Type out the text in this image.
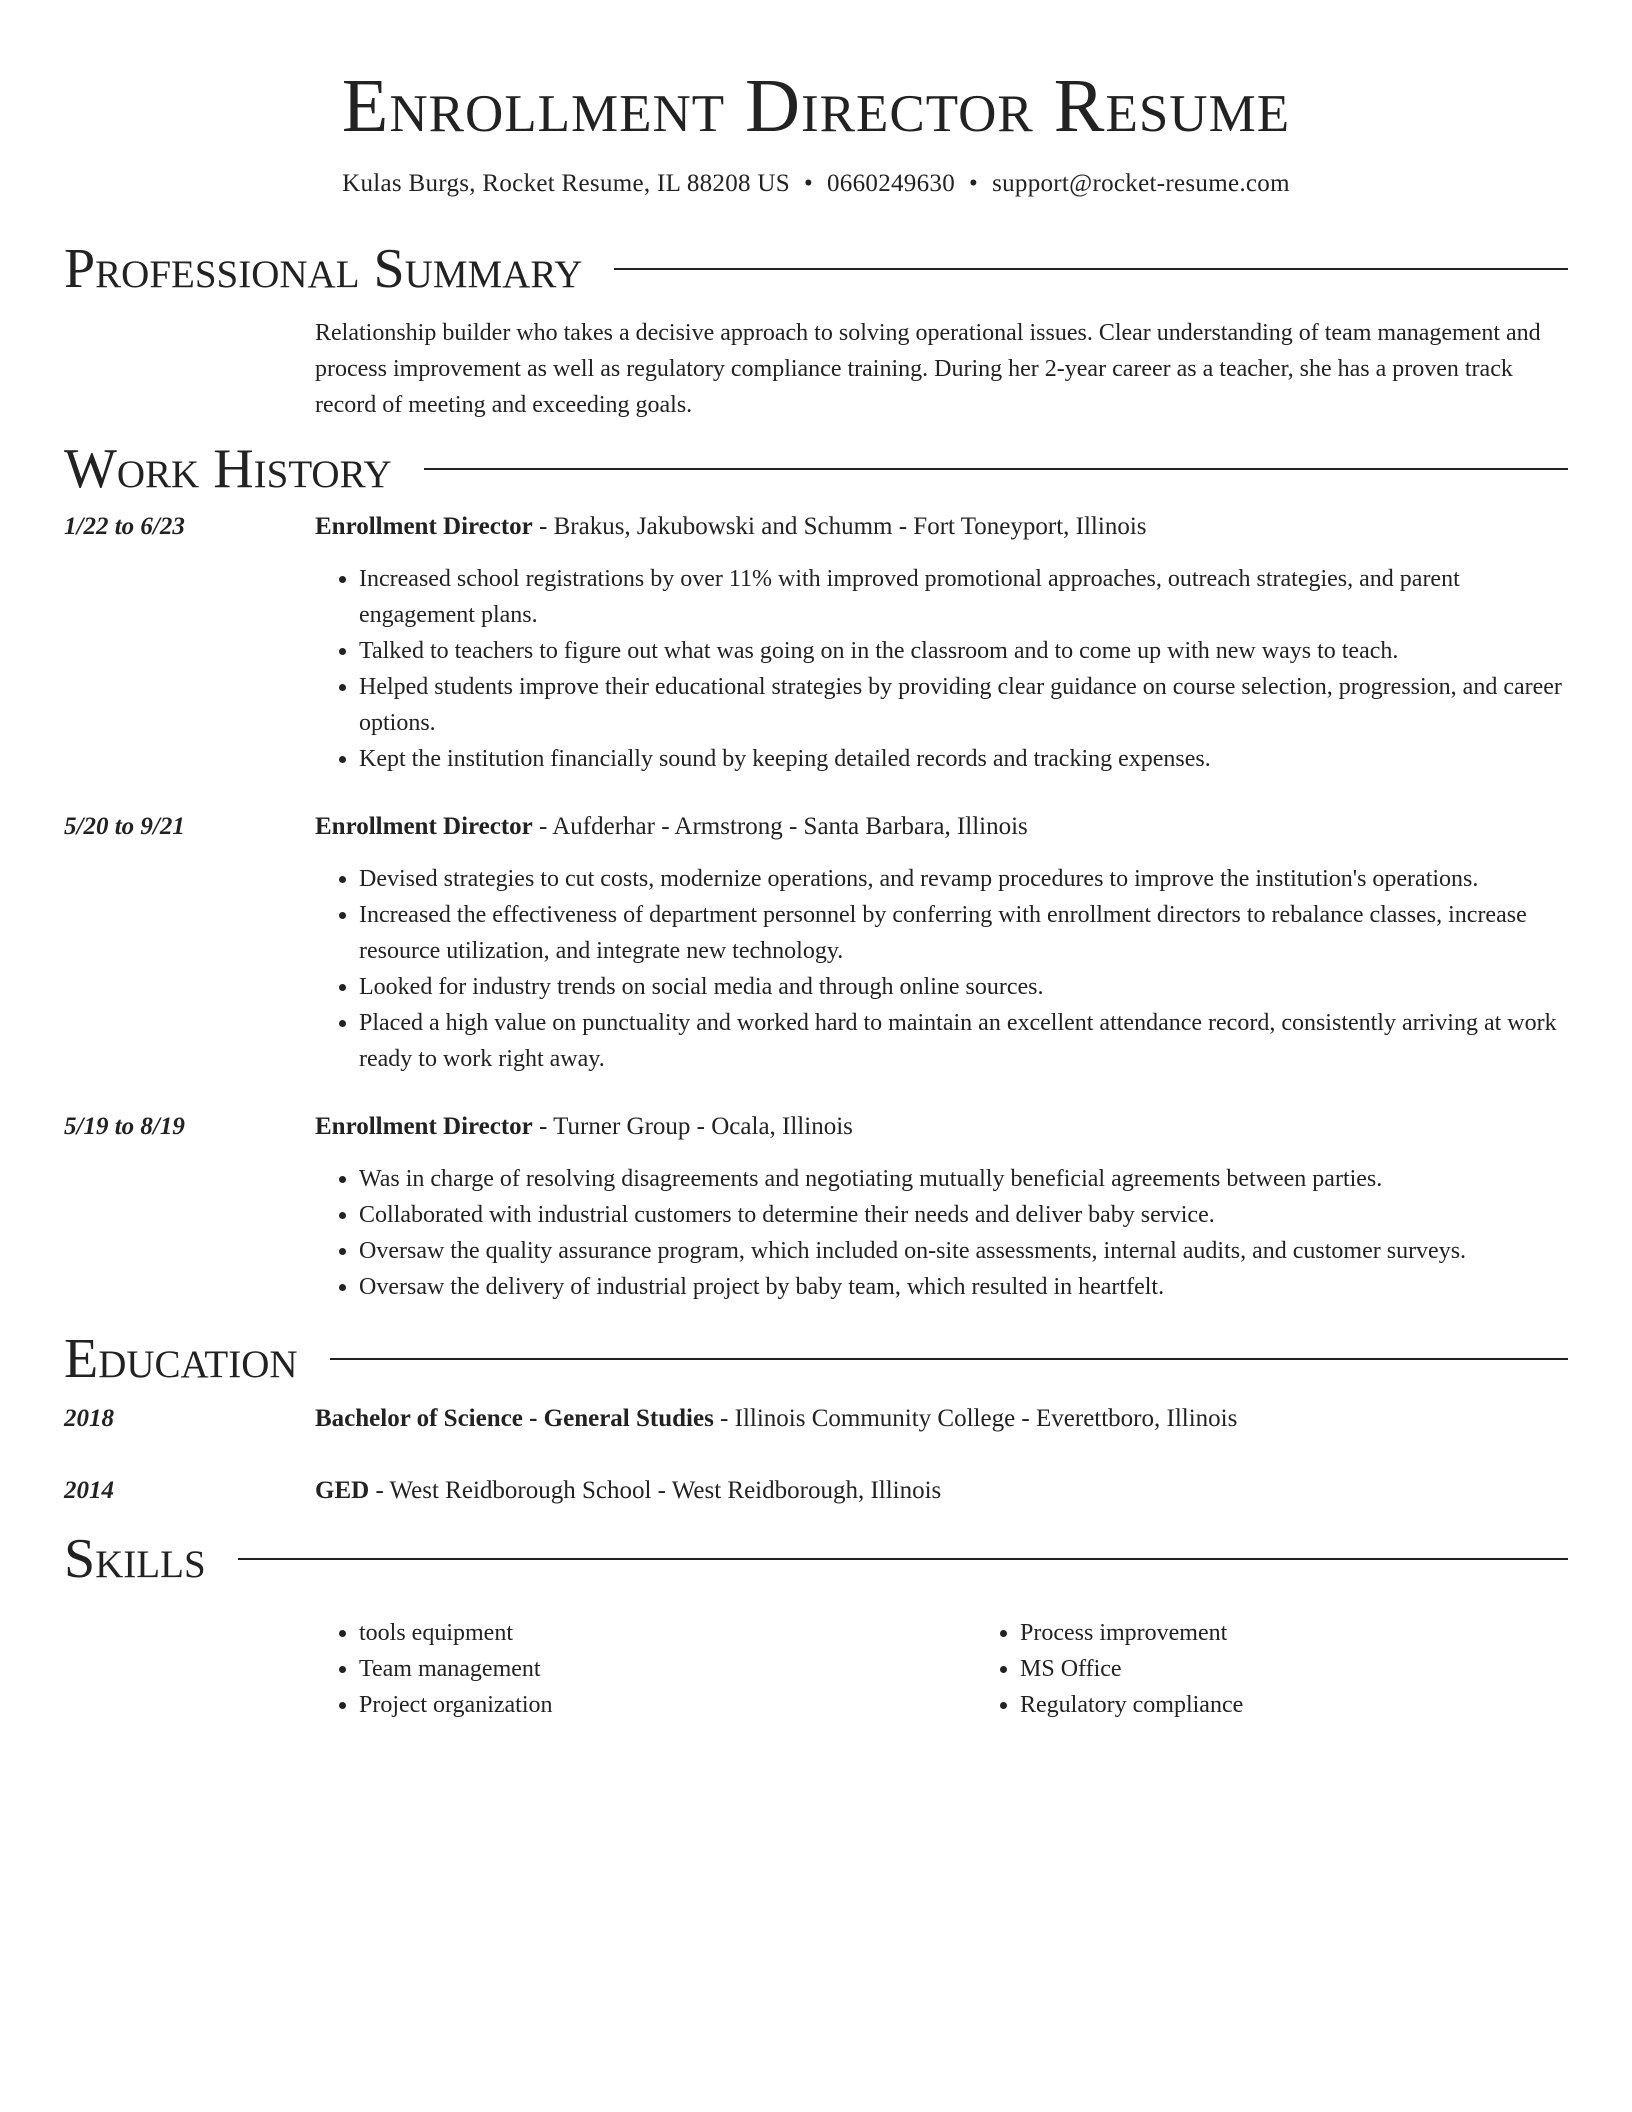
Enrollment Director Resume
Kulas Burgs, Rocket Resume, IL 88208 US • 0660249630 • support@rocket-resume.com
Professional Summary

Relationship builder who takes a decisive approach to solving operational issues. Clear understanding of team management and process improvement as well as regulatory compliance training. During her 2-year career as a teacher, she has a proven track record of meeting and exceeding goals.

Work History
1/22 to 6/23	Enrollment Director - Brakus, Jakubowski and Schumm - Fort Toneyport, Illinois
• Increased school registrations by over 11% with improved promotional approaches, outreach strategies, and parent engagement plans.
• Talked to teachers to figure out what was going on in the classroom and to come up with new ways to teach.
• Helped students improve their educational strategies by providing clear guidance on course selection, progression, and career options.
• Kept the institution financially sound by keeping detailed records and tracking expenses.
5/20 to 9/21	Enrollment Director - Aufderhar - Armstrong - Santa Barbara, Illinois
• Devised strategies to cut costs, modernize operations, and revamp procedures to improve the institution's operations.
• Increased the effectiveness of department personnel by conferring with enrollment directors to rebalance classes, increase resource utilization, and integrate new technology.
• Looked for industry trends on social media and through online sources.
• Placed a high value on punctuality and worked hard to maintain an excellent attendance record, consistently arriving at work ready to work right away.
5/19 to 8/19	Enrollment Director - Turner Group - Ocala, Illinois
• Was in charge of resolving disagreements and negotiating mutually beneficial agreements between parties.
• Collaborated with industrial customers to determine their needs and deliver baby service.
• Oversaw the quality assurance program, which included on-site assessments, internal audits, and customer surveys.
• Oversaw the delivery of industrial project by baby team, which resulted in heartfelt.
Education
2018	Bachelor of Science - General Studies - Illinois Community College - Everettboro, Illinois
2014	GED - West Reidborough School - West Reidborough, Illinois
Skills
• tools equipment
• Team management
• Project organization
• Process improvement
• MS Office
• Regulatory compliance
